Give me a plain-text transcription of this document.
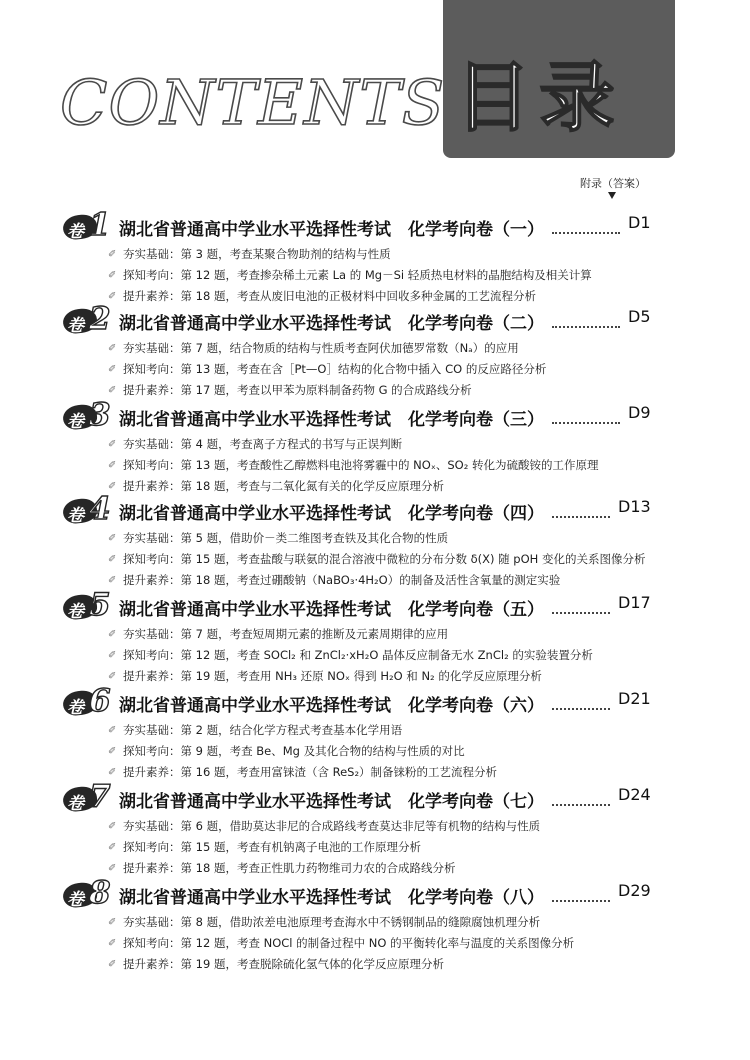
CONTENTS 目录
附录（答案）
卷 1 湖北省普通高中学业水平选择性考试　化学考向卷（一）	D1
✐ 夯实基础：第 3 题，考查某聚合物助剂的结构与性质
✐ 探知考向：第 12 题，考查掺杂稀土元素 La 的 Mg－Si 轻质热电材料的晶胞结构及相关计算
✐ 提升素养：第 18 题，考查从废旧电池的正极材料中回收多种金属的工艺流程分析
卷 2 湖北省普通高中学业水平选择性考试　化学考向卷（二）	D5
✐ 夯实基础：第 7 题，结合物质的结构与性质考查阿伏加德罗常数（Nₐ）的应用
✐ 探知考向：第 13 题，考查在含［Pt—O］结构的化合物中插入 CO 的反应路径分析
✐ 提升素养：第 17 题，考查以甲苯为原料制备药物 G 的合成路线分析
卷 3 湖北省普通高中学业水平选择性考试　化学考向卷（三）	D9
✐ 夯实基础：第 4 题，考查离子方程式的书写与正误判断
✐ 探知考向：第 13 题，考查酸性乙醇燃料电池将雾霾中的 NOₓ、SO₂ 转化为硫酸铵的工作原理
✐ 提升素养：第 18 题，考查与二氧化氮有关的化学反应原理分析
卷 4 湖北省普通高中学业水平选择性考试　化学考向卷（四）	D13
✐ 夯实基础：第 5 题，借助价－类二维图考查铁及其化合物的性质
✐ 探知考向：第 15 题，考查盐酸与联氨的混合溶液中微粒的分布分数 δ(X) 随 pOH 变化的关系图像分析
✐ 提升素养：第 18 题，考查过硼酸钠（NaBO₃·4H₂O）的制备及活性含氧量的测定实验
卷 5 湖北省普通高中学业水平选择性考试　化学考向卷（五）	D17
✐ 夯实基础：第 7 题，考查短周期元素的推断及元素周期律的应用
✐ 探知考向：第 12 题，考查 SOCl₂ 和 ZnCl₂·xH₂O 晶体反应制备无水 ZnCl₂ 的实验装置分析
✐ 提升素养：第 19 题，考查用 NH₃ 还原 NOₓ 得到 H₂O 和 N₂ 的化学反应原理分析
卷 6 湖北省普通高中学业水平选择性考试　化学考向卷（六）	D21
✐ 夯实基础：第 2 题，结合化学方程式考查基本化学用语
✐ 探知考向：第 9 题，考查 Be、Mg 及其化合物的结构与性质的对比
✐ 提升素养：第 16 题，考查用富铼渣（含 ReS₂）制备铼粉的工艺流程分析
卷 7 湖北省普通高中学业水平选择性考试　化学考向卷（七）	D24
✐ 夯实基础：第 6 题，借助莫达非尼的合成路线考查莫达非尼等有机物的结构与性质
✐ 探知考向：第 15 题，考查有机钠离子电池的工作原理分析
✐ 提升素养：第 18 题，考查正性肌力药物维司力农的合成路线分析
卷 8 湖北省普通高中学业水平选择性考试　化学考向卷（八）	D29
✐ 夯实基础：第 8 题，借助浓差电池原理考查海水中不锈钢制品的缝隙腐蚀机理分析
✐ 探知考向：第 12 题，考查 NOCl 的制备过程中 NO 的平衡转化率与温度的关系图像分析
✐ 提升素养：第 19 题，考查脱除硫化氢气体的化学反应原理分析
